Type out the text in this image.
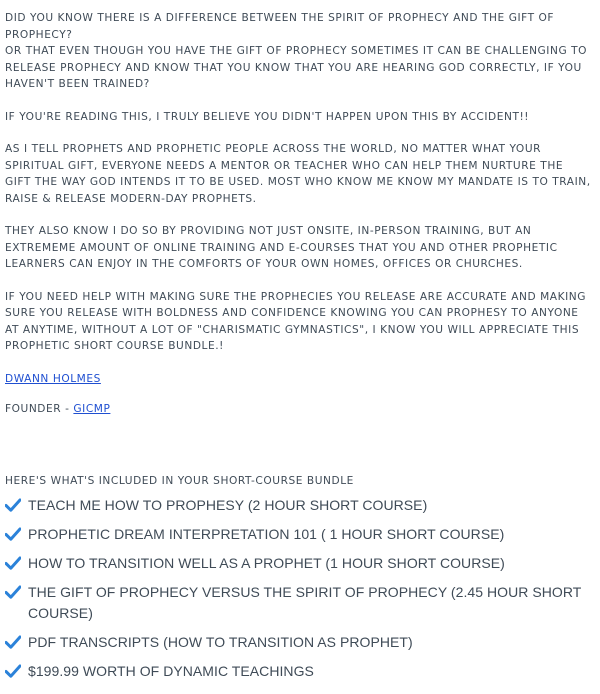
DID YOU KNOW THERE IS A DIFFERENCE BETWEEN THE SPIRIT OF PROPHECY AND THE GIFT OF
PROPHECY?
OR THAT EVEN THOUGH YOU HAVE THE GIFT OF PROPHECY SOMETIMES IT CAN BE CHALLENGING TO
RELEASE PROPHECY AND KNOW THAT YOU KNOW THAT YOU ARE HEARING GOD CORRECTLY, IF YOU
HAVEN'T BEEN TRAINED?

IF YOU'RE READING THIS, I TRULY BELIEVE YOU DIDN'T HAPPEN UPON THIS BY ACCIDENT!!

AS I TELL PROPHETS AND PROPHETIC PEOPLE ACROSS THE WORLD, NO MATTER WHAT YOUR
SPIRITUAL GIFT, EVERYONE NEEDS A MENTOR OR TEACHER WHO CAN HELP THEM NURTURE THE
GIFT THE WAY GOD INTENDS IT TO BE USED. MOST WHO KNOW ME KNOW MY MANDATE IS TO TRAIN,
RAISE & RELEASE MODERN-DAY PROPHETS.

THEY ALSO KNOW I DO SO BY PROVIDING NOT JUST ONSITE, IN-PERSON TRAINING, BUT AN
EXTREMEME AMOUNT OF ONLINE TRAINING AND E-COURSES THAT YOU AND OTHER PROPHETIC
LEARNERS CAN ENJOY IN THE COMFORTS OF YOUR OWN HOMES, OFFICES OR CHURCHES.

IF YOU NEED HELP WITH MAKING SURE THE PROPHECIES YOU RELEASE ARE ACCURATE AND MAKING
SURE YOU RELEASE WITH BOLDNESS AND CONFIDENCE KNOWING YOU CAN PROPHESY TO ANYONE
AT ANYTIME, WITHOUT A LOT OF "CHARISMATIC GYMNASTICS", I KNOW YOU WILL APPRECIATE THIS
PROPHETIC SHORT COURSE BUNDLE.!

DWANN HOLMES

FOUNDER - GICMP

HERE'S WHAT'S INCLUDED IN YOUR SHORT-COURSE BUNDLE

TEACH ME HOW TO PROPHESY (2 HOUR SHORT COURSE)
PROPHETIC DREAM INTERPRETATION 101 ( 1 HOUR SHORT COURSE)
HOW TO TRANSITION WELL AS A PROPHET (1 HOUR SHORT COURSE)
THE GIFT OF PROPHECY VERSUS THE SPIRIT OF PROPHECY (2.45 HOUR SHORT COURSE)
PDF TRANSCRIPTS (HOW TO TRANSITION AS PROPHET)
$199.99 WORTH OF DYNAMIC TEACHINGS
